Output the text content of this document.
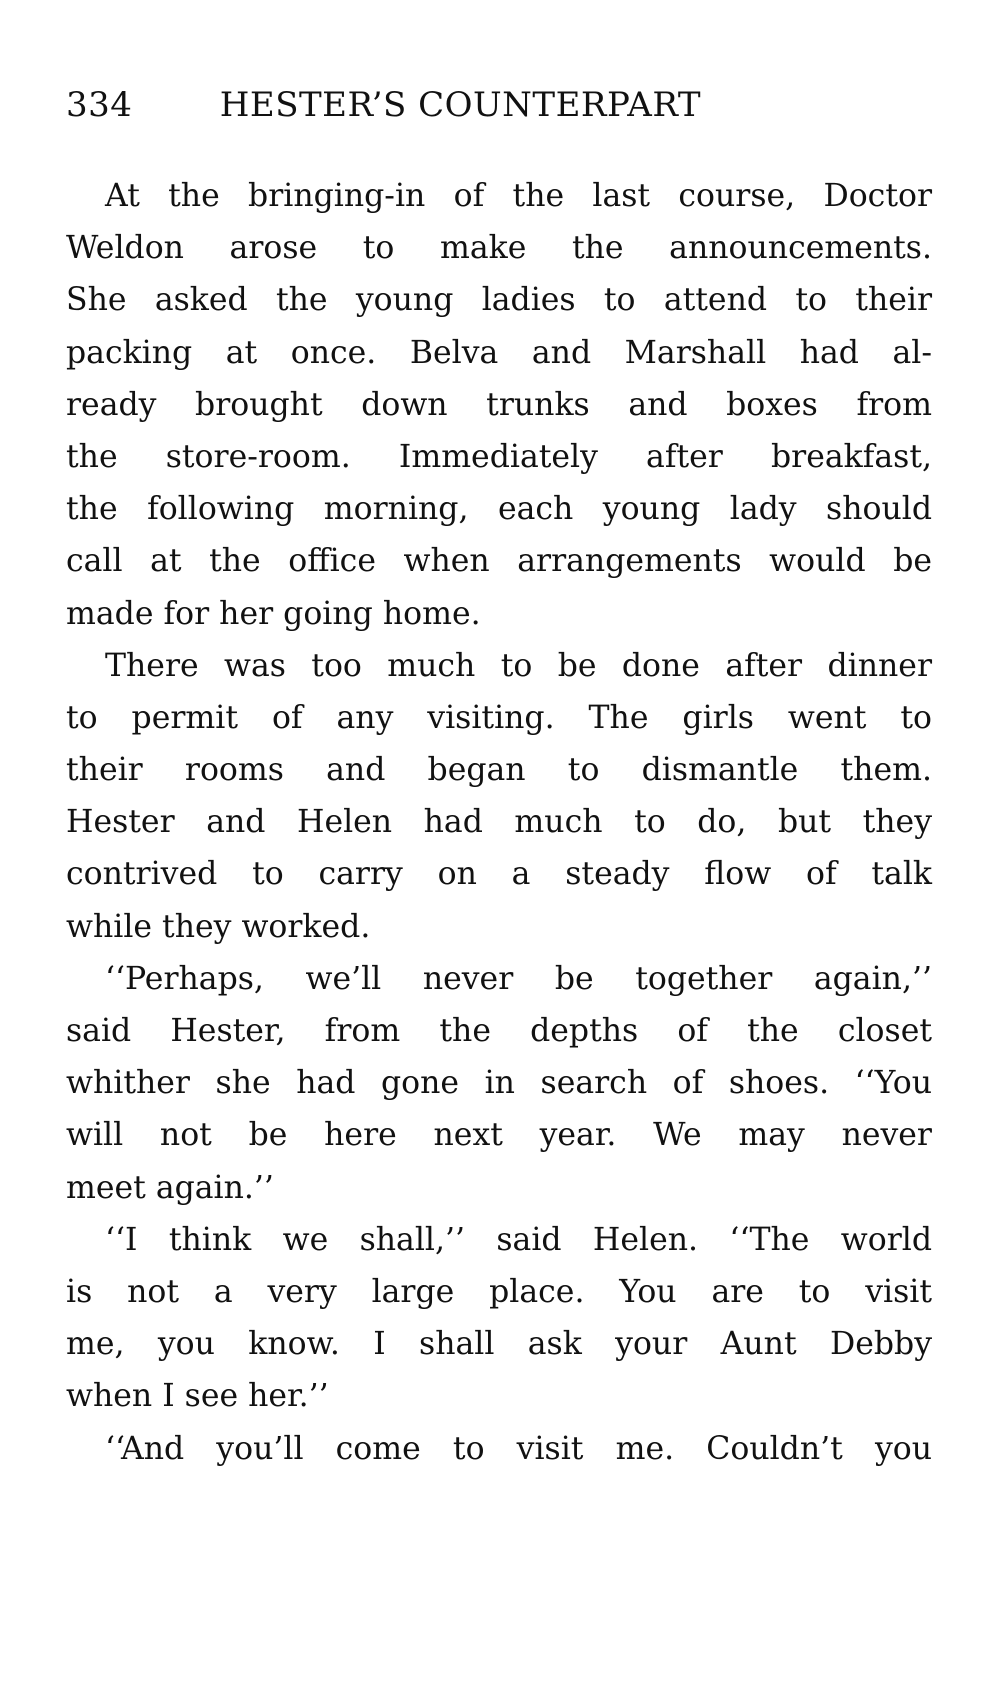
334	HESTER’S COUNTERPART
At the bringing-in of the last course, Doctor
Weldon arose to make the announcements.
She asked the young ladies to attend to their
packing at once. Belva and Marshall had al-
ready brought down trunks and boxes from
the store-room. Immediately after breakfast,
the following morning, each young lady should
call at the office when arrangements would be
made for her going home.
There was too much to be done after dinner
to permit of any visiting. The girls went to
their rooms and began to dismantle them.
Hester and Helen had much to do, but they
contrived to carry on a steady flow of talk
while they worked.
‘‘Perhaps, we’ll never be together again,’’
said Hester, from the depths of the closet
whither she had gone in search of shoes. ‘‘You
will not be here next year. We may never
meet again.’’
‘‘I think we shall,’’ said Helen. ‘‘The world
is not a very large place. You are to visit
me, you know. I shall ask your Aunt Debby
when I see her.’’
‘‘And you’ll come to visit me. Couldn’t you
